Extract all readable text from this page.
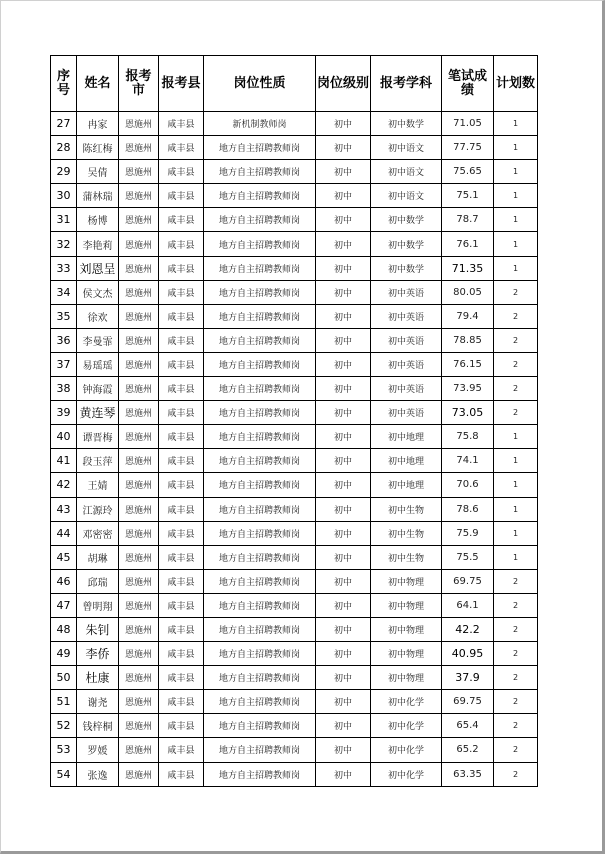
序号	姓名	报考市	报考县	岗位性质	岗位级别	报考学科	笔试成绩	计划数
27	冉家	恩施州	咸丰县	新机制教师岗	初中	初中数学	71.05	1
28	陈红梅	恩施州	咸丰县	地方自主招聘教师岗	初中	初中语文	77.75	1
29	吴倩	恩施州	咸丰县	地方自主招聘教师岗	初中	初中语文	75.65	1
30	蒲林瑞	恩施州	咸丰县	地方自主招聘教师岗	初中	初中语文	75.1	1
31	杨博	恩施州	咸丰县	地方自主招聘教师岗	初中	初中数学	78.7	1
32	李艳莉	恩施州	咸丰县	地方自主招聘教师岗	初中	初中数学	76.1	1
33	刘恩呈	恩施州	咸丰县	地方自主招聘教师岗	初中	初中数学	71.35	1
34	侯文杰	恩施州	咸丰县	地方自主招聘教师岗	初中	初中英语	80.05	2
35	徐欢	恩施州	咸丰县	地方自主招聘教师岗	初中	初中英语	79.4	2
36	李曼霏	恩施州	咸丰县	地方自主招聘教师岗	初中	初中英语	78.85	2
37	易瑶瑶	恩施州	咸丰县	地方自主招聘教师岗	初中	初中英语	76.15	2
38	钟海霞	恩施州	咸丰县	地方自主招聘教师岗	初中	初中英语	73.95	2
39	黄连琴	恩施州	咸丰县	地方自主招聘教师岗	初中	初中英语	73.05	2
40	谭晋梅	恩施州	咸丰县	地方自主招聘教师岗	初中	初中地理	75.8	1
41	段玉萍	恩施州	咸丰县	地方自主招聘教师岗	初中	初中地理	74.1	1
42	王婧	恩施州	咸丰县	地方自主招聘教师岗	初中	初中地理	70.6	1
43	江源玲	恩施州	咸丰县	地方自主招聘教师岗	初中	初中生物	78.6	1
44	邓密密	恩施州	咸丰县	地方自主招聘教师岗	初中	初中生物	75.9	1
45	胡琳	恩施州	咸丰县	地方自主招聘教师岗	初中	初中生物	75.5	1
46	邱瑞	恩施州	咸丰县	地方自主招聘教师岗	初中	初中物理	69.75	2
47	曾明翔	恩施州	咸丰县	地方自主招聘教师岗	初中	初中物理	64.1	2
48	朱钊	恩施州	咸丰县	地方自主招聘教师岗	初中	初中物理	42.2	2
49	李侨	恩施州	咸丰县	地方自主招聘教师岗	初中	初中物理	40.95	2
50	杜康	恩施州	咸丰县	地方自主招聘教师岗	初中	初中物理	37.9	2
51	谢尧	恩施州	咸丰县	地方自主招聘教师岗	初中	初中化学	69.75	2
52	钱梓桐	恩施州	咸丰县	地方自主招聘教师岗	初中	初中化学	65.4	2
53	罗媛	恩施州	咸丰县	地方自主招聘教师岗	初中	初中化学	65.2	2
54	张逸	恩施州	咸丰县	地方自主招聘教师岗	初中	初中化学	63.35	2
